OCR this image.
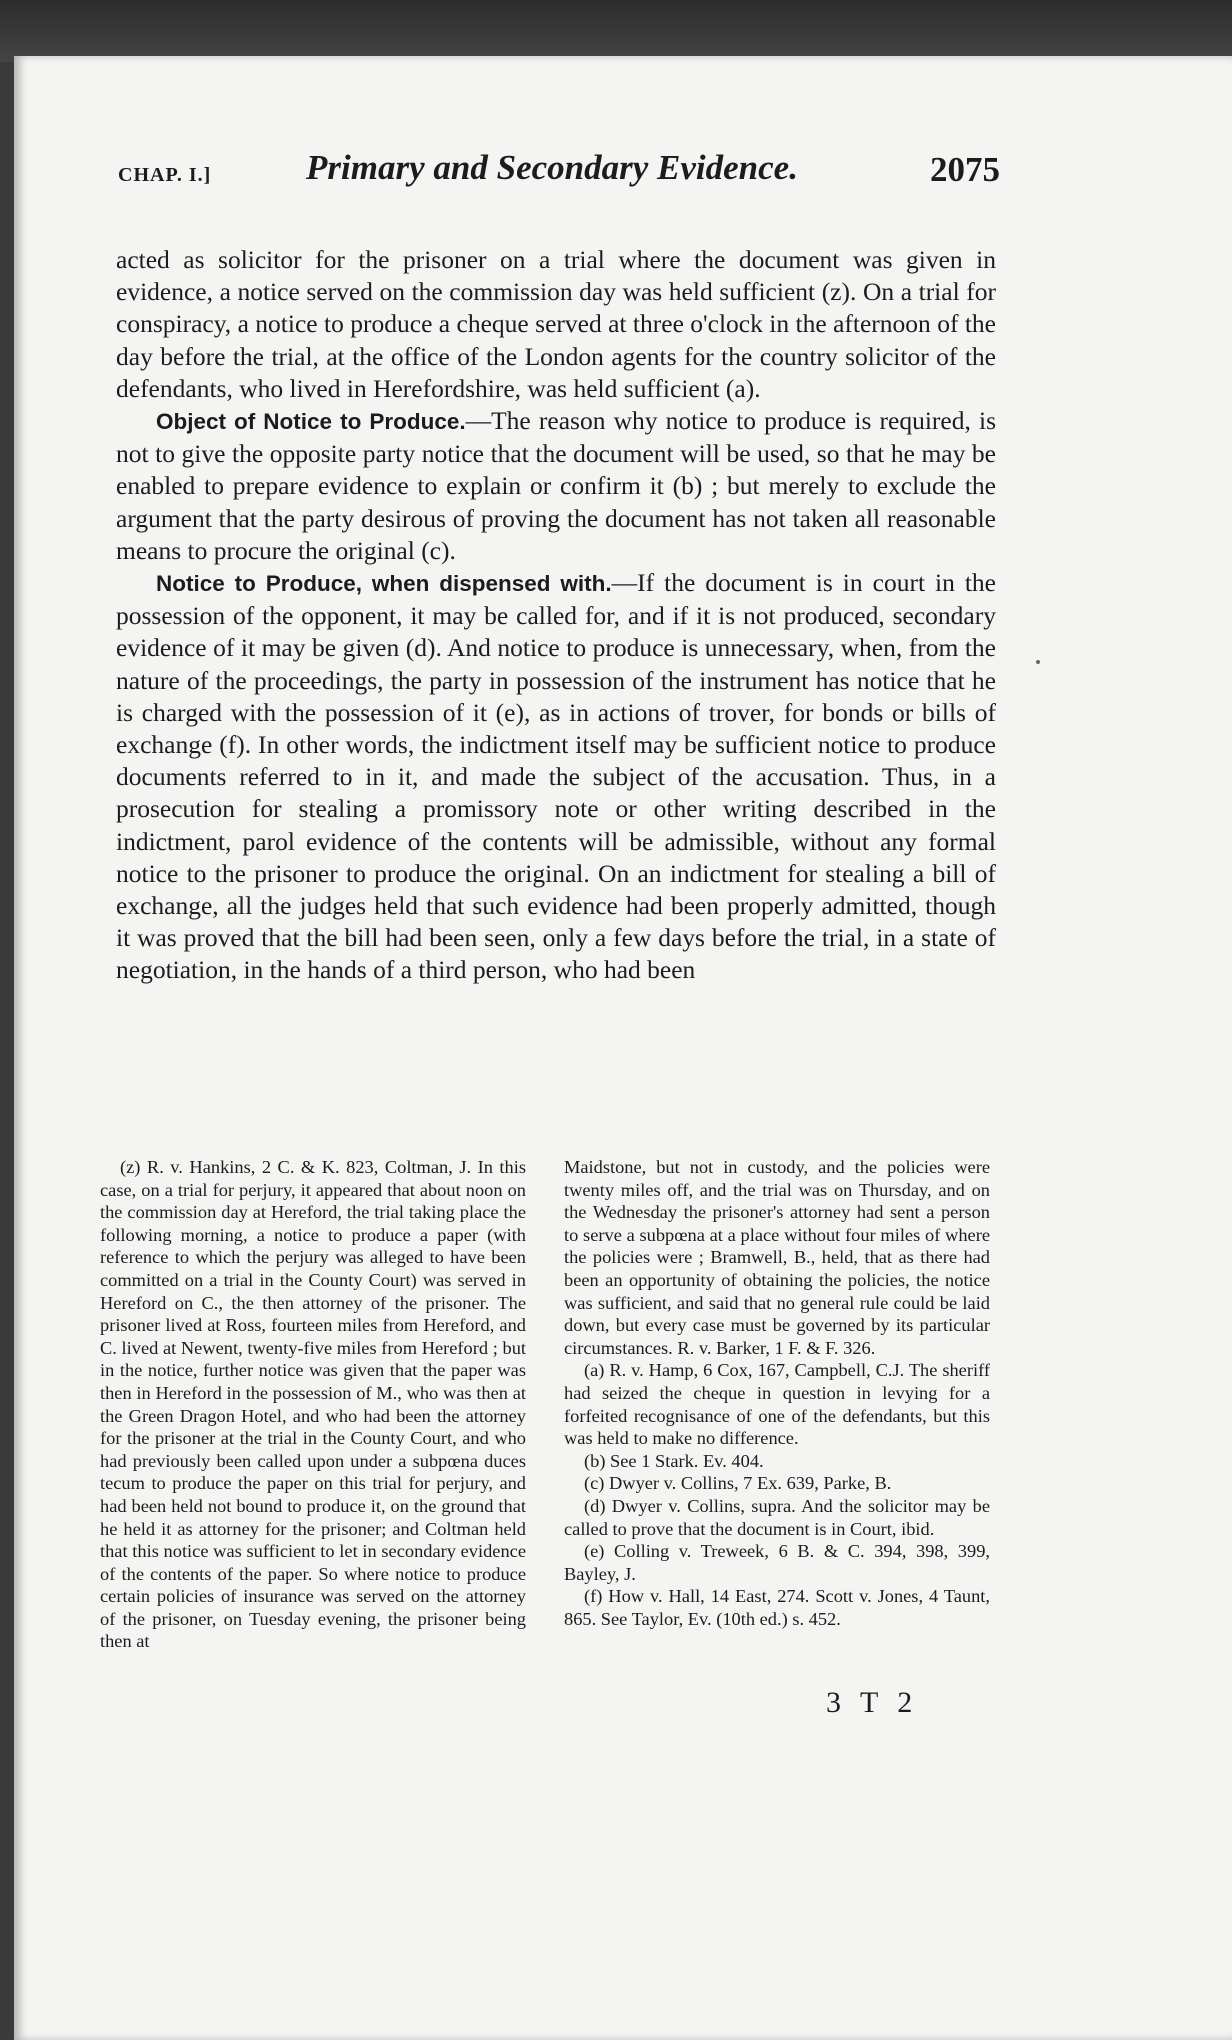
CHAP. I.]	Primary and Secondary Evidence.	2075

acted as solicitor for the prisoner on a trial where the document was given in evidence, a notice served on the commission day was held sufficient (z). On a trial for conspiracy, a notice to produce a cheque served at three o'clock in the afternoon of the day before the trial, at the office of the London agents for the country solicitor of the defendants, who lived in Herefordshire, was held sufficient (a).

Object of Notice to Produce.—The reason why notice to produce is required, is not to give the opposite party notice that the document will be used, so that he may be enabled to prepare evidence to explain or confirm it (b) ; but merely to exclude the argument that the party desirous of proving the document has not taken all reasonable means to procure the original (c).

Notice to Produce, when dispensed with.—If the document is in court in the possession of the opponent, it may be called for, and if it is not produced, secondary evidence of it may be given (d). And notice to produce is unnecessary, when, from the nature of the proceedings, the party in possession of the instrument has notice that he is charged with the possession of it (e), as in actions of trover, for bonds or bills of exchange (f). In other words, the indictment itself may be sufficient notice to produce documents referred to in it, and made the subject of the accusation. Thus, in a prosecution for stealing a promissory note or other writing described in the indictment, parol evidence of the contents will be admissible, without any formal notice to the prisoner to produce the original. On an indictment for stealing a bill of exchange, all the judges held that such evidence had been properly admitted, though it was proved that the bill had been seen, only a few days before the trial, in a state of negotiation, in the hands of a third person, who had been

(z) R. v. Hankins, 2 C. & K. 823, Coltman, J. In this case, on a trial for perjury, it appeared that about noon on the commission day at Hereford, the trial taking place the following morning, a notice to produce a paper (with reference to which the perjury was alleged to have been committed on a trial in the County Court) was served in Hereford on C., the then attorney of the prisoner. The prisoner lived at Ross, fourteen miles from Hereford, and C. lived at Newent, twenty-five miles from Hereford ; but in the notice, further notice was given that the paper was then in Hereford in the possession of M., who was then at the Green Dragon Hotel, and who had been the attorney for the prisoner at the trial in the County Court, and who had previously been called upon under a subpœna duces tecum to produce the paper on this trial for perjury, and had been held not bound to produce it, on the ground that he held it as attorney for the prisoner; and Coltman held that this notice was sufficient to let in secondary evidence of the contents of the paper. So where notice to produce certain policies of insurance was served on the attorney of the prisoner, on Tuesday evening, the prisoner being then at

Maidstone, but not in custody, and the policies were twenty miles off, and the trial was on Thursday, and on the Wednesday the prisoner's attorney had sent a person to serve a subpœna at a place without four miles of where the policies were ; Bramwell, B., held, that as there had been an opportunity of obtaining the policies, the notice was sufficient, and said that no general rule could be laid down, but every case must be governed by its particular circumstances. R. v. Barker, 1 F. & F. 326.

(a) R. v. Hamp, 6 Cox, 167, Campbell, C.J. The sheriff had seized the cheque in question in levying for a forfeited recognisance of one of the defendants, but this was held to make no difference.

(b) See 1 Stark. Ev. 404.

(c) Dwyer v. Collins, 7 Ex. 639, Parke, B.

(d) Dwyer v. Collins, supra. And the solicitor may be called to prove that the document is in Court, ibid.

(e) Colling v. Treweek, 6 B. & C. 394, 398, 399, Bayley, J.

(f) How v. Hall, 14 East, 274. Scott v. Jones, 4 Taunt, 865. See Taylor, Ev. (10th ed.) s. 452.

3 T 2
